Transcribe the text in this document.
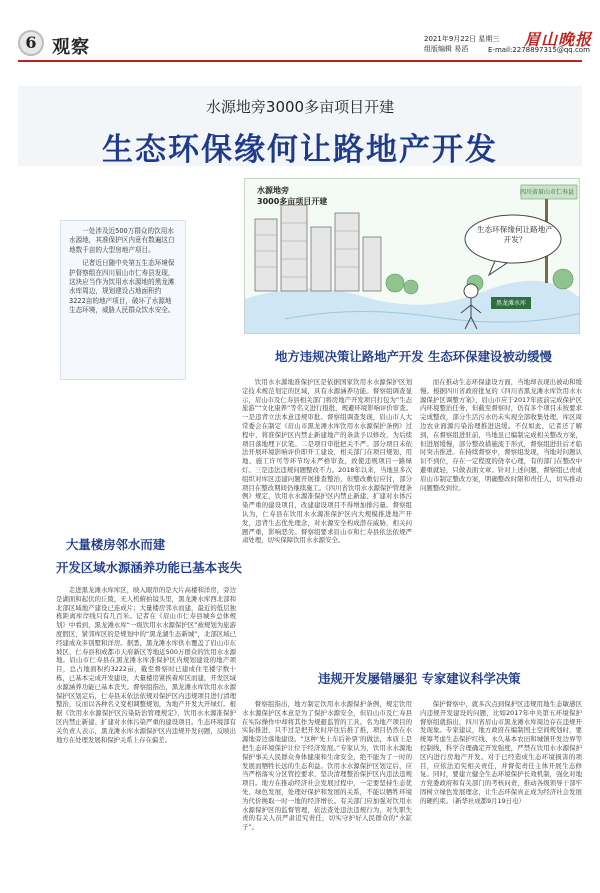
6 观察	2021年9月22日 星期三
组版编辑 易滔	眉山晚报
E-mail:2278897315@qq.com
水源地旁3000多亩项目开建
生态环保缘何让路地产开发

一处涉及近500万群众的饮用水水源地，其准保护区内竟有数遍这白地数千亩的大型房地产项目。

记者近日随中央第五生态环境保护督察组在四川眉山市仁寿县发现，这块应当作为饮用水水源地的黑龙滩水库周边，规划建设占地面积约3222亩的地产项目，破坏了水源地生态环境，威胁人民群众饮水安全。

水源地旁
3000多亩项目开建
生态环保缘何让路地产开发？
四川省眉山市仁寿县
黑龙滩水库
地方违规决策让路地产开发 生态环保建设被动缓慢
大量楼房邻水而建
开发区域水源涵养功能已基本丧失
违规开发屡错屡犯 专家建议科学决策

走进黑龙滩水库库区，映入眼帘的是大片高楼和洋房，旁边是湖面和起伏的丘陵，无人机俯拍镜头里，黑龙滩水库西北部和北部区域地产建设已连成片；大量楼房邻水而建，最近的低层独栋距离库岸线只有几百米。记者在《眉山市仁寿县城乡总体规划》中看到，黑龙滩水库“一级饮用水水源保护区”被规划为旅游度假区，紧邻库区的是规划中的“黑龙湖生态新城”，北部区域已经建成众多别墅和洋房。据悉，黑龙滩水库供水覆盖了眉山市东坡区、仁寿县和成都市天府新区等地近500万群众的饮用水水源地。眉山市仁寿县在黑龙滩水库准保护区内规划建设的地产项目，总占地面积约3222亩，截至督察时已建成住宅楼宇数十栋，已基本完成开发建设，大量楼房紧挨着库区而建，开发区域水源涵养功能已基本丧失。督察组指出，黑龙滩水库饮用水水源保护区划定后，仁寿县未依法依规对保护区内违规项目进行清理整治，反而以各种名义变相调整规划，为地产开发大开绿灯。根据《饮用水水源保护区污染防治管理规定》，饮用水水源准保护区内禁止新建、扩建对水体污染严重的建设项目。生态环境部有关负责人表示，黑龙滩水库水源保护区内违规开发问题，反映出地方在处理发展和保护关系上存在偏差。

饮用水水源地准保护区是依据国家饮用水水源保护区划定技术规范划定的区域，具有水源涵养功能。督察组调查显示，眉山市及仁寿县相关部门将房地产开发项目打包为“生态旅游”“文化康养”等名义进行报批，规避环境影响评价审查。一是违背立法本意违规审批。督察组调查发现，眉山市人大常委会在制定《眉山市黑龙滩水库饮用水水源保护条例》过程中，将准保护区内禁止新建地产的条款予以修改，为后续项目落地埋下伏笔。二是项目审批把关不严。部分项目未依法开展环境影响评价即开工建设，相关部门在项目规划、用地、施工许可等环节均未严格审查，致使违规项目一路绿灯。三是违法违规问题整改不力。2018年以来，当地虽多次组织对库区违建问题开展排查整治，但整改敷衍应付，部分项目在整改期间仍继续施工。《四川省饮用水水源保护管理条例》规定，饮用水水源准保护区内禁止新建、扩建对水体污染严重的建设项目，改建建设项目不得增加排污量。督察组认为，仁寿县在饮用水水源准保护区内大规模推进地产开发，违背生态优先理念，对水源安全构成潜在威胁，相关问题严重，影响恶劣。督察组要求眉山市和仁寿县依法依规严肃处理，切实保障饮用水水源安全。

而在推动生态环保建设方面，当地却表现出被动和缓慢。根据四川省政府批复的《四川省黑龙滩水库饮用水水源保护区调整方案》，眉山市应于2017年底前完成保护区内环境整治任务，但截至督察时，仍有多个项目未按要求完成整改，部分生活污水仍未实现全部收集处理，库区周边农业面源污染治理推进迟缓。不仅如此，记者还了解到，在督察组进驻前，当地虽已编制完成相关整改方案，但进展缓慢，部分整改措施流于形式，督察组进驻后才临时突击推进。在持续督察中，督察组发现，当地对问题认识不到位，存在一定程度的侥幸心理，有的部门在整改中避重就轻，只做表面文章。针对上述问题，督察组已责成眉山市制定整改方案，明确整改时限和责任人，切实推动问题整改到位。

督察组指出，地方制定饮用水水源保护条例，规定饮用水水源保护区本意是为了保护水源安全，但眉山市及仁寿县在实际操作中却将其作为规避监管的工具。名为地产项目的实际推进，只不过是把开发时序往后推了推，项目仍然在水源地旁边落地建设。“这种‘先上车后补票’的做法，本质上是把生态环境保护让位于经济发展。”专家认为，饮用水水源地保护事关人民群众身体健康和生命安全，绝不能为了一时的发展而牺牲长远的生态利益。饮用水水源保护区划定后，应当严格落实分区管控要求，坚决清理整治保护区内违法违规项目。地方在推动经济社会发展过程中，一定要坚持生态优先、绿色发展，处理好保护和发展的关系，不能以牺牲环境为代价换取一时一地的经济增长。有关部门应加强对饮用水水源保护区的监督管理，依法查处违法违规行为，对失职失责的有关人员严肃追究责任，切实守护好人民群众的“水缸子”。

保护督察中，就多次点到保护区违规用地生态敏感区内违规开发建设的问题，比如2017年中央第五环境保护督察组就指出，四川省眉山市黑龙滩水库周边存在违规开发现象。专家建议，地方政府在编制国土空间规划时，要统筹考虑生态保护红线、永久基本农田和城镇开发边界等控制线，科学合理确定开发强度，严禁在饮用水水源保护区内进行房地产开发。对于已经造成生态环境损害的项目，应依法追究相关责任，并督促责任主体开展生态修复。同时，要建立健全生态环境保护长效机制，强化对地方党委政府和有关部门的考核问责，推动各级领导干部牢固树立绿色发展理念，让生态环保真正成为经济社会发展的硬约束。（新华社成都9月19日电）
